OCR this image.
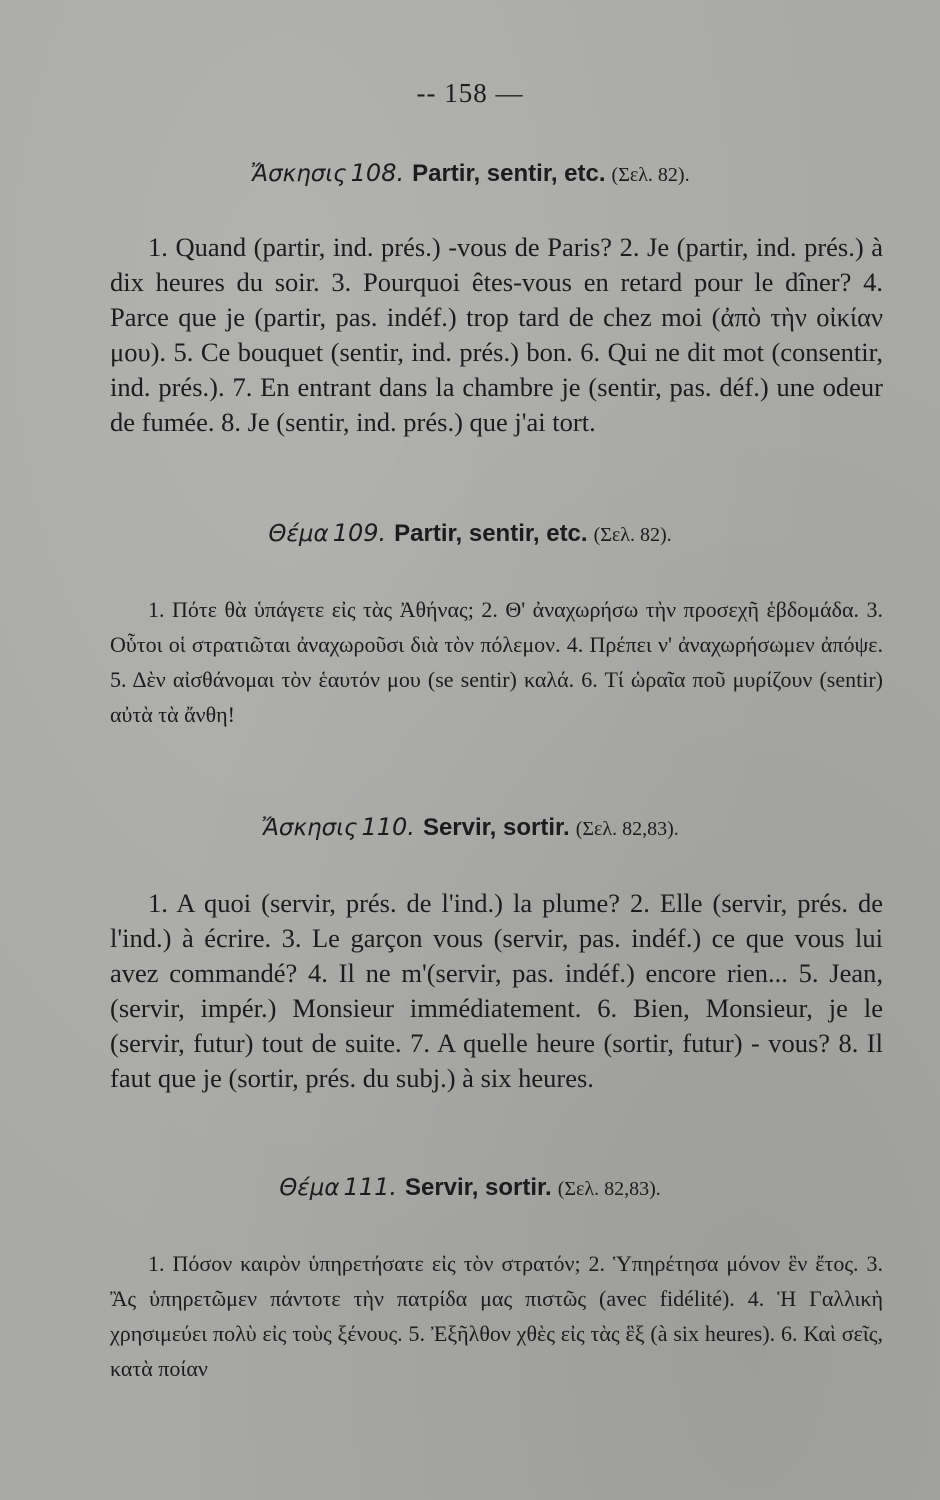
-- 158 —
Ἄσκησις 108. Partir, sentir, etc. (Σελ. 82).

1. Quand (partir, ind. prés.) -vous de Paris? 2. Je (partir, ind. prés.) à dix heures du soir. 3. Pourquoi êtes-vous en retard pour le dîner? 4. Parce que je (partir, pas. indéf.) trop tard de chez moi (ἀπὸ τὴν οἰκίαν μου). 5. Ce bouquet (sentir, ind. prés.) bon. 6. Qui ne dit mot (consentir, ind. prés.). 7. En entrant dans la chambre je (sentir, pas. déf.) une odeur de fumée. 8. Je (sentir, ind. prés.) que j'ai tort.

Θέμα 109. Partir, sentir, etc. (Σελ. 82).

1. Πότε θὰ ὑπάγετε εἰς τὰς Ἀθήνας; 2. Θ' ἀναχωρήσω τὴν προσεχῆ ἑβδομάδα. 3. Οὗτοι οἱ στρατιῶται ἀναχωροῦσι διὰ τὸν πόλεμον. 4. Πρέπει ν' ἀναχωρήσωμεν ἀπόψε. 5. Δὲν αἰσθάνομαι τὸν ἑαυτόν μου (se sentir) καλά. 6. Τί ὡραῖα ποῦ μυρίζουν (sentir) αὐτὰ τὰ ἄνθη!

Ἄσκησις 110. Servir, sortir. (Σελ. 82,83).

1. A quoi (servir, prés. de l'ind.) la plume? 2. Elle (servir, prés. de l'ind.) à écrire. 3. Le garçon vous (servir, pas. indéf.) ce que vous lui avez commandé? 4. Il ne m'(servir, pas. indéf.) encore rien... 5. Jean, (servir, impér.) Monsieur immédiatement. 6. Bien, Monsieur, je le (servir, futur) tout de suite. 7. A quelle heure (sortir, futur) - vous? 8. Il faut que je (sortir, prés. du subj.) à six heures.

Θέμα 111. Servir, sortir. (Σελ. 82,83).

1. Πόσον καιρὸν ὑπηρετήσατε εἰς τὸν στρατόν; 2. Ὑπηρέτησα μόνον ἓν ἔτος. 3. Ἂς ὑπηρετῶμεν πάντοτε τὴν πατρίδα μας πιστῶς (avec fidélité). 4. Ἡ Γαλλικὴ χρησιμεύει πολὺ εἰς τοὺς ξένους. 5. Ἐξῆλθον χθὲς εἰς τὰς ἓξ (à six heures). 6. Καὶ σεῖς, κατὰ ποίαν
